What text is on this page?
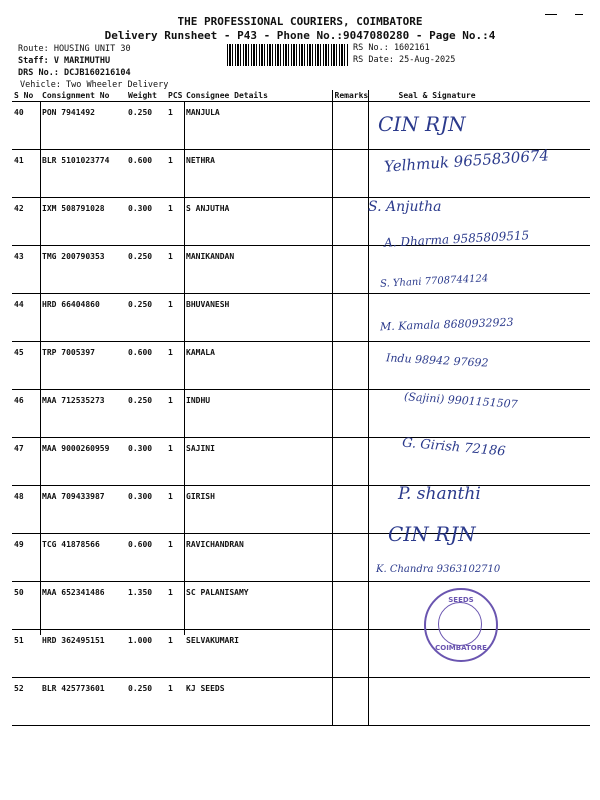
THE PROFESSIONAL COURIERS, COIMBATORE
Delivery Runsheet - P43 - Phone No.:9047080280 - Page No.:4
Route: HOUSING UNIT 30
Staff: V MARIMUTHU
DRS No.: DCJB160216104
Vehicle: Two Wheeler Delivery
RS No.: 1602161
RS Date: 25-Aug-2025
S No	Consignment No	Weight	PCS	Consignee Details	Remarks	Seal & Signature
40	PON 7941492	0.250	1	MANJULA		
41	BLR 5101023774	0.600	1	NETHRA		
42	IXM 508791028	0.300	1	S ANJUTHA		
43	TMG 200790353	0.250	1	MANIKANDAN		
44	HRD 66404860	0.250	1	BHUVANESH		
45	TRP 7005397	0.600	1	KAMALA		
46	MAA 712535273	0.250	1	INDHU		
47	MAA 9000260959	0.300	1	SAJINI		
48	MAA 709433987	0.300	1	GIRISH		
49	TCG 41878566	0.600	1	RAVICHANDRAN		
50	MAA 652341486	1.350	1	SC PALANISAMY		
51	HRD 362495151	1.000	1	SELVAKUMARI		
52	BLR 425773601	0.250	1	KJ SEEDS		
CIN RJN
Yelhmuk 9655830674
S. Anjutha
A. Dharma 9585809515
S. Yhani 7708744124
M. Kamala 8680932923
Indu 98942 97692
(Sajini) 9901151507
G. Girish 72186
P. shanthi
CIN RJN
K. Chandra 9363102710
SEEDS
COIMBATORE
